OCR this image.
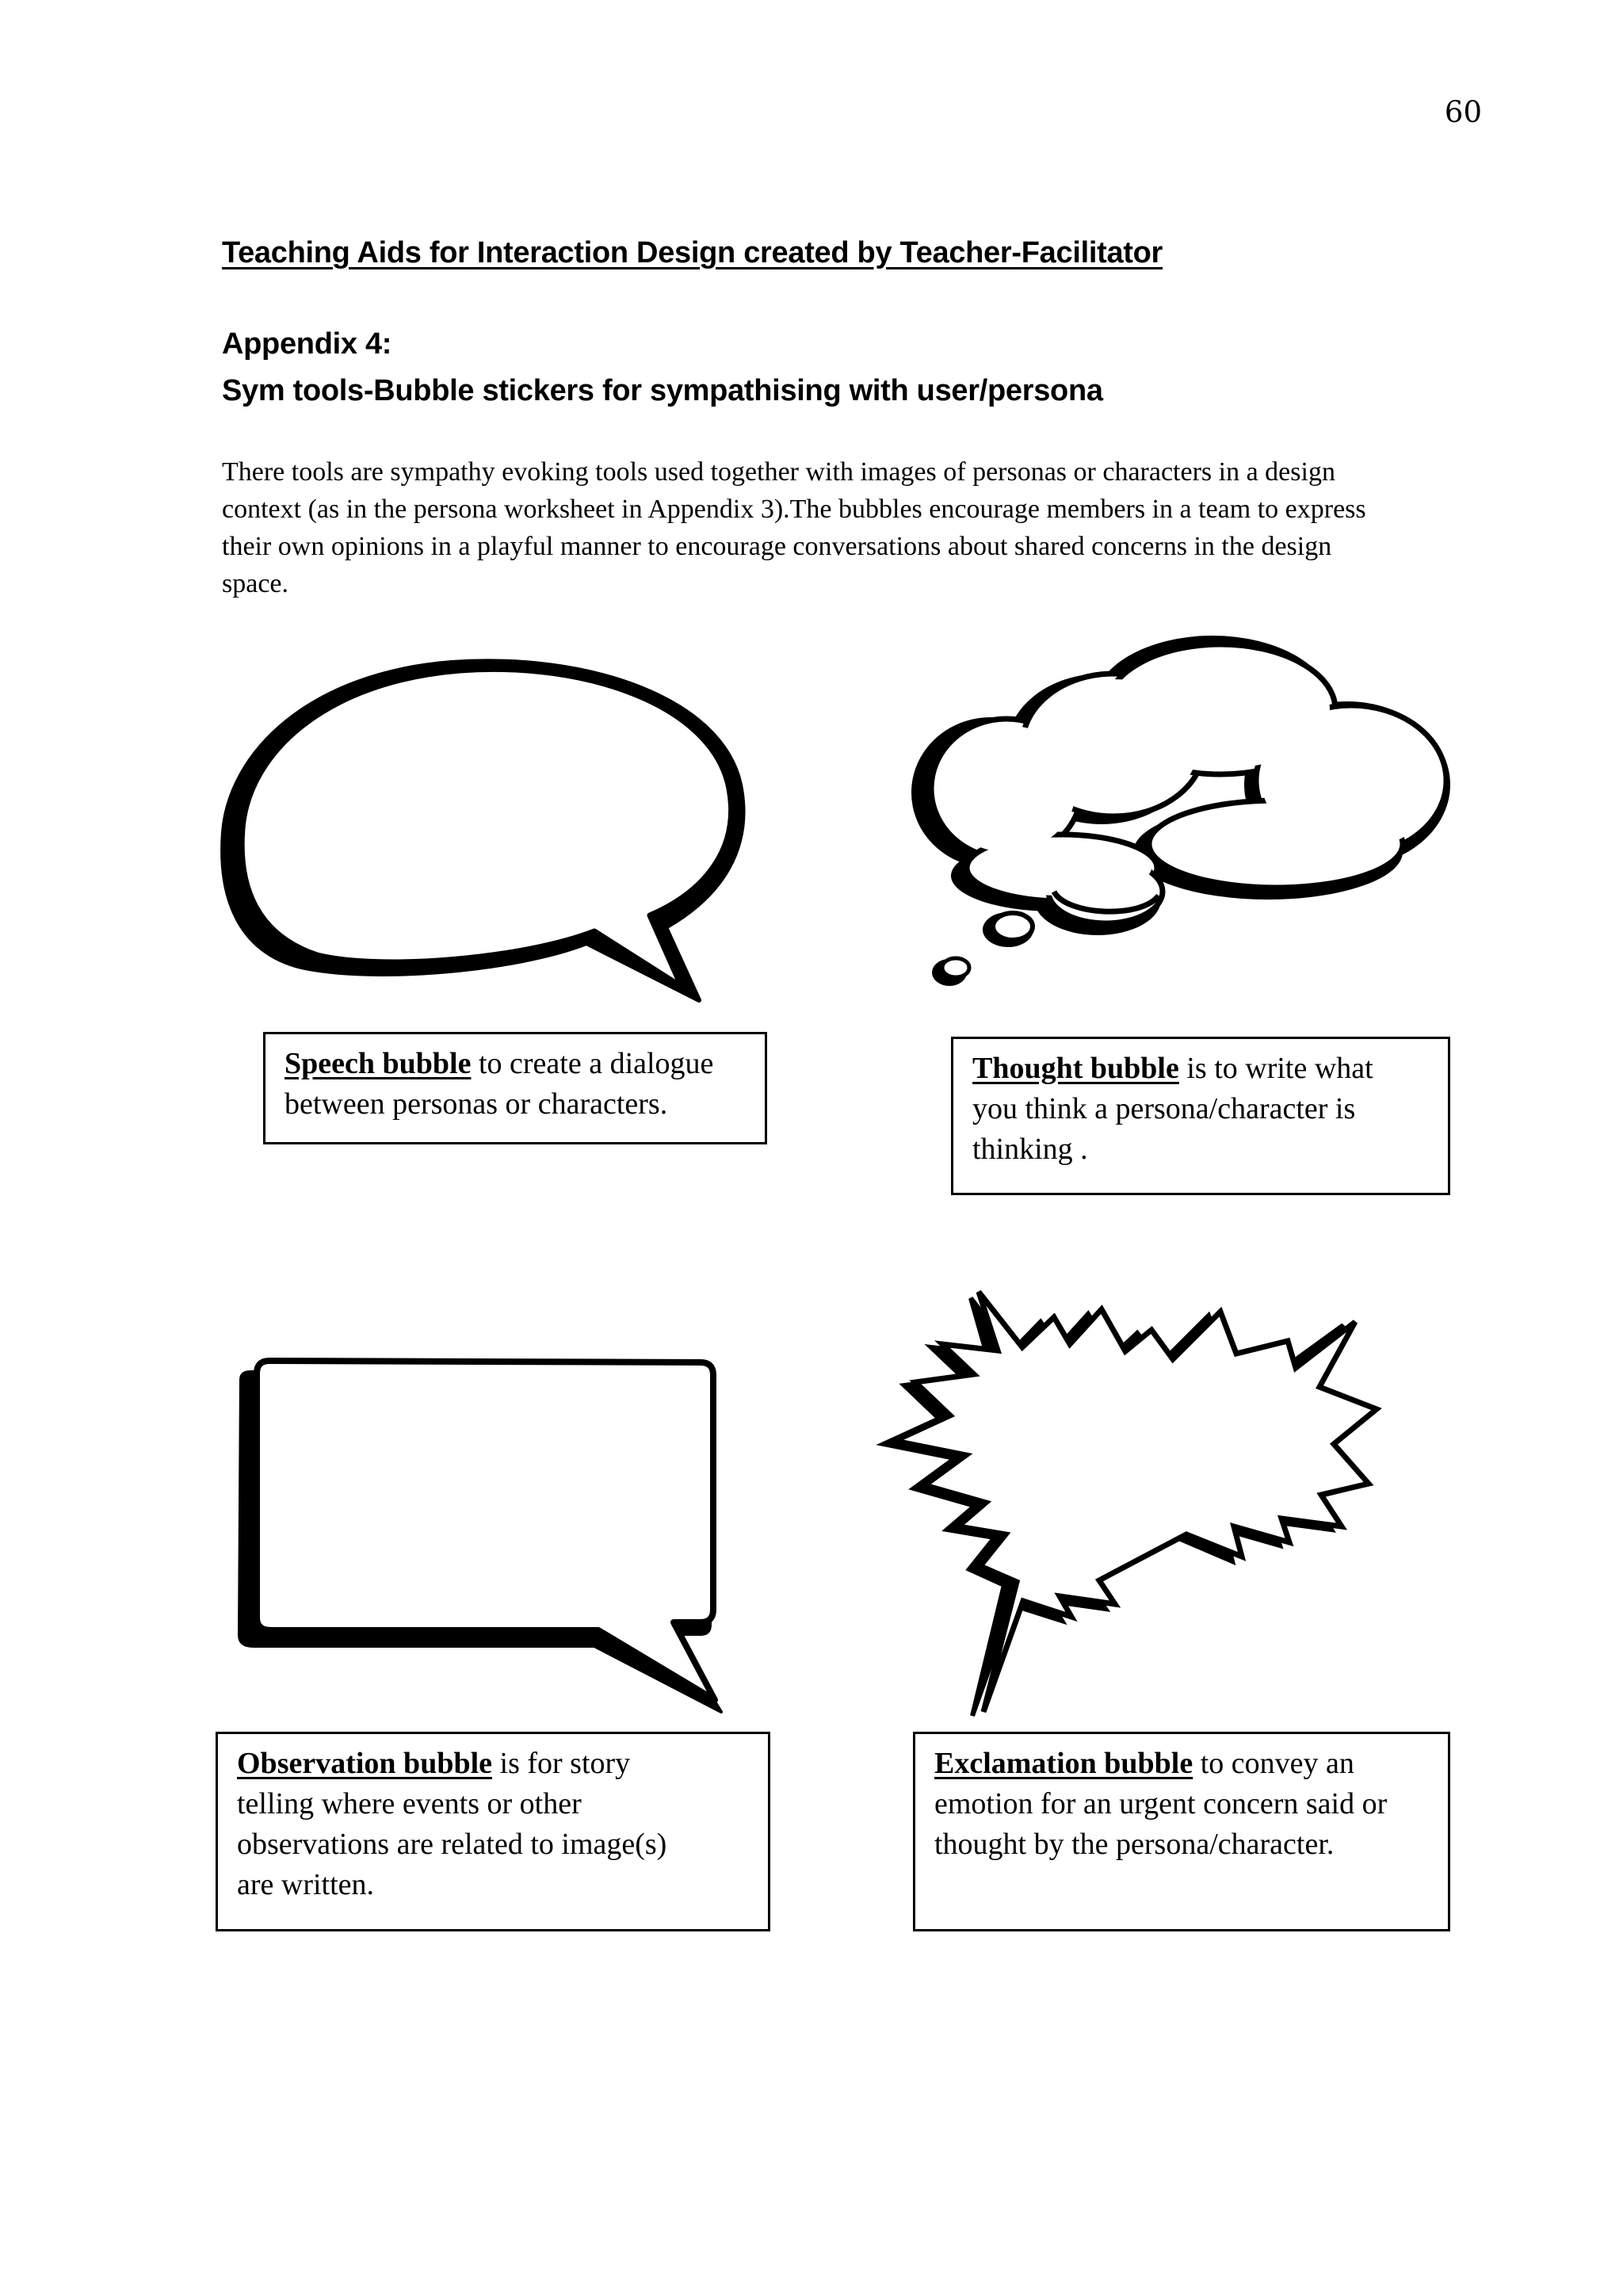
60
Teaching Aids for Interaction Design created by Teacher-Facilitator
Appendix 4:
Sym tools-Bubble stickers for sympathising with user/persona
There tools are sympathy evoking tools used together with images of personas or characters in a design
context (as in the persona worksheet in Appendix 3).The bubbles encourage members in a team to express
their own opinions in a playful manner to encourage conversations about shared concerns in the design
space.
Speech bubble to create a dialogue
between personas or characters.
Thought bubble is to write what
you think a persona/character is
thinking .
Observation bubble is for story
telling where events or other
observations are related to image(s)
are written.
Exclamation bubble to convey an
emotion for an urgent concern said or
thought by the persona/character.
